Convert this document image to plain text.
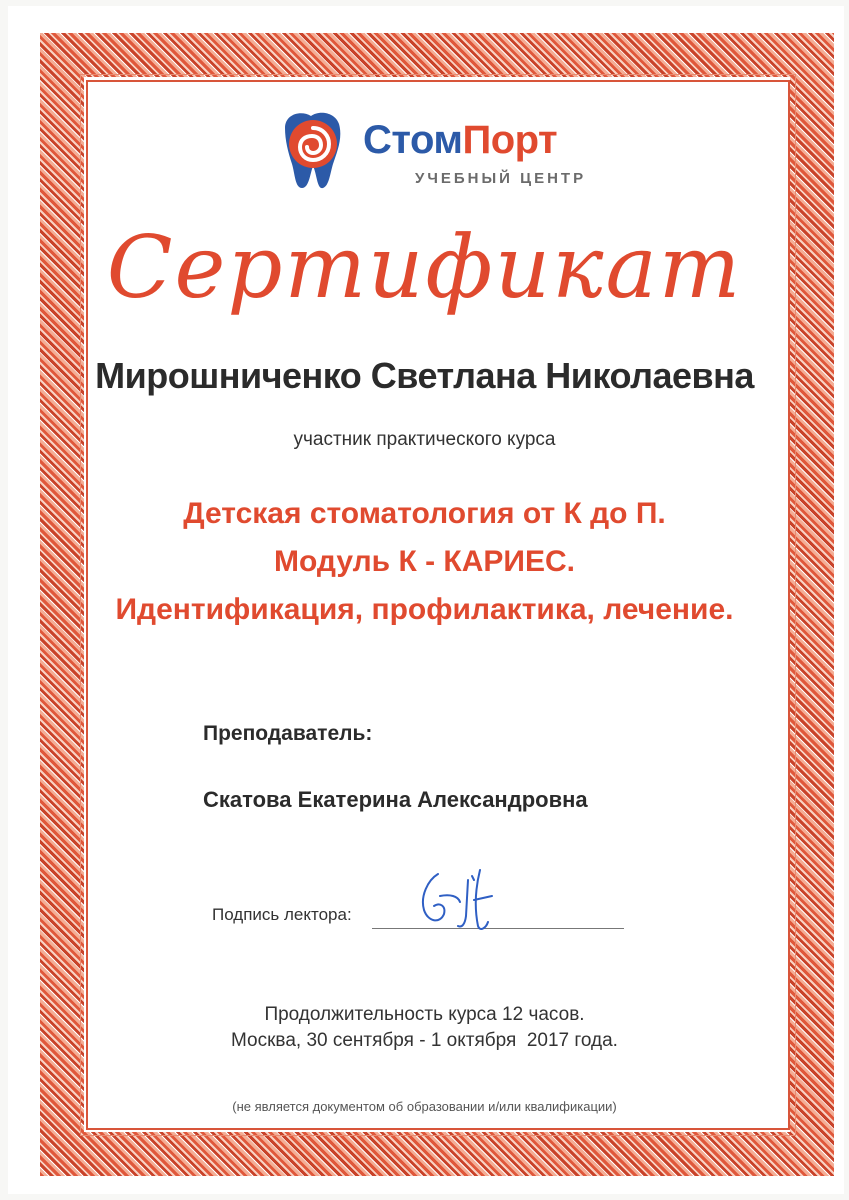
СтомПорт
УЧЕБНЫЙ ЦЕНТР
Сертификат
Мирошниченко Светлана Николаевна
участник практического курса
Детская стоматология от К до П.
Модуль К - КАРИЕС.
Идентификация, профилактика, лечение.
Преподаватель:
Скатова Екатерина Александровна
Подпись лектора:
Продолжительность курса 12 часов.
Москва, 30 сентября - 1 октября  2017 года.
(не является документом об образовании и/или квалификации)
